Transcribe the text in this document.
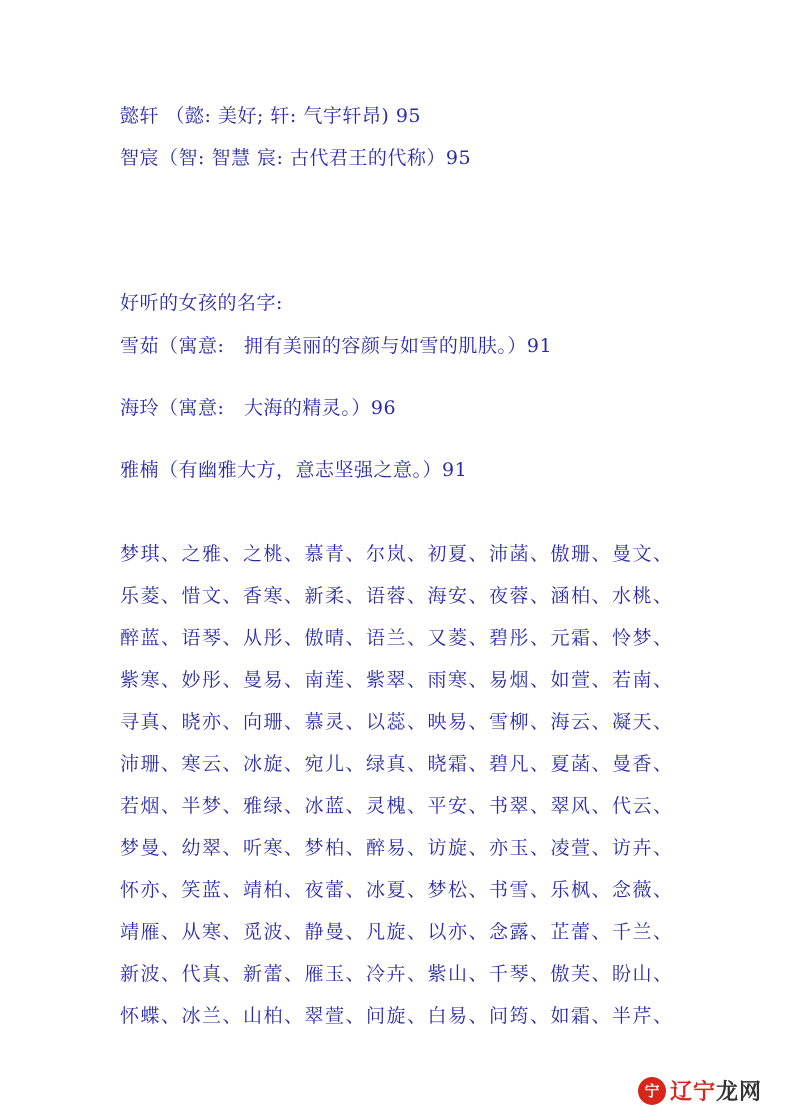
懿轩 （懿: 美好; 轩: 气宇轩昂) 95
智宸（智: 智慧 宸: 古代君王的代称）95
好听的女孩的名字:
雪茹（寓意:　拥有美丽的容颜与如雪的肌肤。）91
海玲（寓意:　大海的精灵。）96
雅楠（有幽雅大方，意志坚强之意。）91
梦琪、之雅、之桃、慕青、尔岚、初夏、沛菡、傲珊、曼文、
乐菱、惜文、香寒、新柔、语蓉、海安、夜蓉、涵柏、水桃、
醉蓝、语琴、从彤、傲晴、语兰、又菱、碧彤、元霜、怜梦、
紫寒、妙彤、曼易、南莲、紫翠、雨寒、易烟、如萱、若南、
寻真、晓亦、向珊、慕灵、以蕊、映易、雪柳、海云、凝天、
沛珊、寒云、冰旋、宛儿、绿真、晓霜、碧凡、夏菡、曼香、
若烟、半梦、雅绿、冰蓝、灵槐、平安、书翠、翠风、代云、
梦曼、幼翠、听寒、梦柏、醉易、访旋、亦玉、凌萱、访卉、
怀亦、笑蓝、靖柏、夜蕾、冰夏、梦松、书雪、乐枫、念薇、
靖雁、从寒、觅波、静曼、凡旋、以亦、念露、芷蕾、千兰、
新波、代真、新蕾、雁玉、冷卉、紫山、千琴、傲芙、盼山、
怀蝶、冰兰、山柏、翠萱、问旋、白易、问筠、如霜、半芹、
宁 辽宁龙网
